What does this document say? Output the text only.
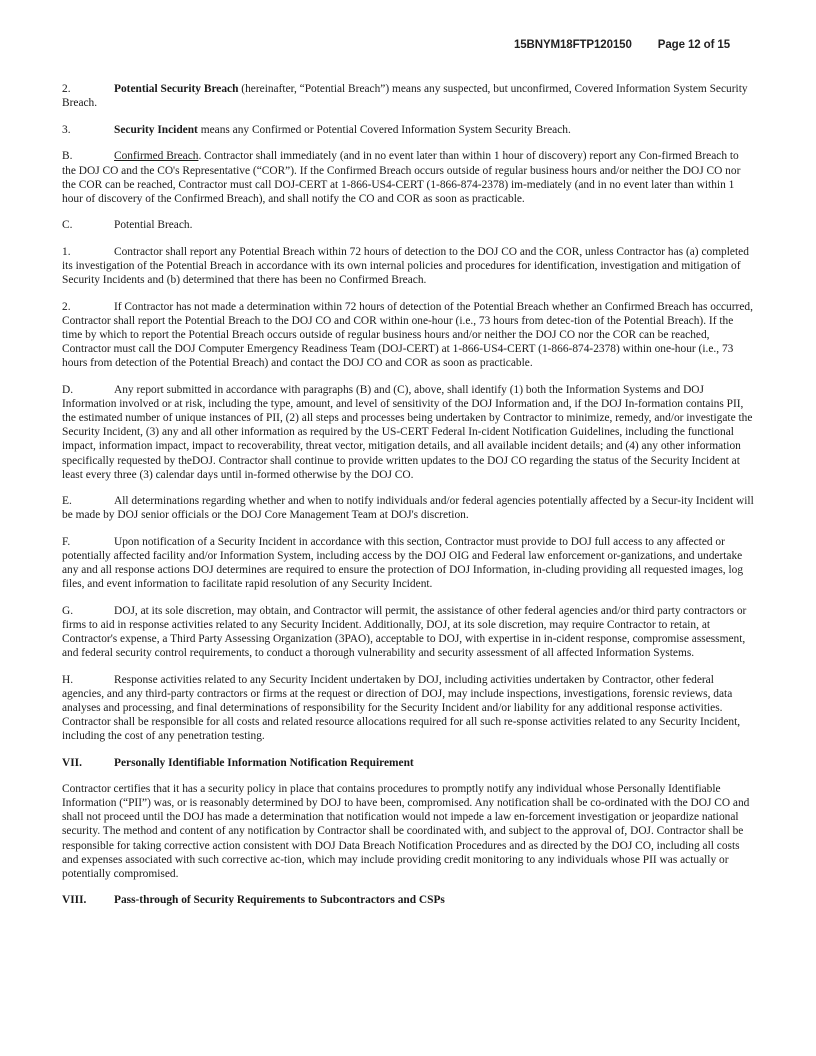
15BNYM18FTP120150 Page 12 of 15

2.	Potential Security Breach (hereinafter, “Potential Breach”) means any suspected, but unconfirmed, Covered Information System Security Breach.

3.	Security Incident means any Confirmed or Potential Covered Information System Security Breach.

B.	Confirmed Breach. Contractor shall immediately (and in no event later than within 1 hour of discovery) report any Con-firmed Breach to the DOJ CO and the CO's Representative (“COR”). If the Confirmed Breach occurs outside of regular business hours and/or neither the DOJ CO nor the COR can be reached, Contractor must call DOJ-CERT at 1-866-US4-CERT (1-866-874-2378) im-mediately (and in no event later than within 1 hour of discovery of the Confirmed Breach), and shall notify the CO and COR as soon as practicable.

C.	Potential Breach.

1.	Contractor shall report any Potential Breach within 72 hours of detection to the DOJ CO and the COR, unless Contractor has (a) completed its investigation of the Potential Breach in accordance with its own internal policies and procedures for identification, investigation and mitigation of Security Incidents and (b) determined that there has been no Confirmed Breach.

2.	If Contractor has not made a determination within 72 hours of detection of the Potential Breach whether an Confirmed Breach has occurred, Contractor shall report the Potential Breach to the DOJ CO and COR within one-hour (i.e., 73 hours from detec-tion of the Potential Breach). If the time by which to report the Potential Breach occurs outside of regular business hours and/or neither the DOJ CO nor the COR can be reached, Contractor must call the DOJ Computer Emergency Readiness Team (DOJ-CERT) at 1-866-US4-CERT (1-866-874-2378) within one-hour (i.e., 73 hours from detection of the Potential Breach) and contact the DOJ CO and COR as soon as practicable.

D.	Any report submitted in accordance with paragraphs (B) and (C), above, shall identify (1) both the Information Systems and DOJ Information involved or at risk, including the type, amount, and level of sensitivity of the DOJ Information and, if the DOJ In-formation contains PII, the estimated number of unique instances of PII, (2) all steps and processes being undertaken by Contractor to minimize, remedy, and/or investigate the Security Incident, (3) any and all other information as required by the US-CERT Federal In-cident Notification Guidelines, including the functional impact, information impact, impact to recoverability, threat vector, mitigation details, and all available incident details; and (4) any other information specifically requested by theDOJ. Contractor shall continue to provide written updates to the DOJ CO regarding the status of the Security Incident at least every three (3) calendar days until in-formed otherwise by the DOJ CO.

E.	All determinations regarding whether and when to notify individuals and/or federal agencies potentially affected by a Secur-ity Incident will be made by DOJ senior officials or the DOJ Core Management Team at DOJ's discretion.

F.	Upon notification of a Security Incident in accordance with this section, Contractor must provide to DOJ full access to any affected or potentially affected facility and/or Information System, including access by the DOJ OIG and Federal law enforcement or-ganizations, and undertake any and all response actions DOJ determines are required to ensure the protection of DOJ Information, in-cluding providing all requested images, log files, and event information to facilitate rapid resolution of any Security Incident.

G.	DOJ, at its sole discretion, may obtain, and Contractor will permit, the assistance of other federal agencies and/or third party contractors or firms to aid in response activities related to any Security Incident. Additionally, DOJ, at its sole discretion, may require Contractor to retain, at Contractor's expense, a Third Party Assessing Organization (3PAO), acceptable to DOJ, with expertise in in-cident response, compromise assessment, and federal security control requirements, to conduct a thorough vulnerability and security assessment of all affected Information Systems.

H.	Response activities related to any Security Incident undertaken by DOJ, including activities undertaken by Contractor, other federal agencies, and any third-party contractors or firms at the request or direction of DOJ, may include inspections, investigations, forensic reviews, data analyses and processing, and final determinations of responsibility for the Security Incident and/or liability for any additional response activities. Contractor shall be responsible for all costs and related resource allocations required for all such re-sponse activities related to any Security Incident, including the cost of any penetration testing.

VII.	Personally Identifiable Information Notification Requirement

Contractor certifies that it has a security policy in place that contains procedures to promptly notify any individual whose Personally Identifiable Information (“PII”) was, or is reasonably determined by DOJ to have been, compromised. Any notification shall be co-ordinated with the DOJ CO and shall not proceed until the DOJ has made a determination that notification would not impede a law en-forcement investigation or jeopardize national security. The method and content of any notification by Contractor shall be coordinated with, and subject to the approval of, DOJ. Contractor shall be responsible for taking corrective action consistent with DOJ Data Breach Notification Procedures and as directed by the DOJ CO, including all costs and expenses associated with such corrective ac-tion, which may include providing credit monitoring to any individuals whose PII was actually or potentially compromised.

VIII. Pass-through of Security Requirements to Subcontractors and CSPs
